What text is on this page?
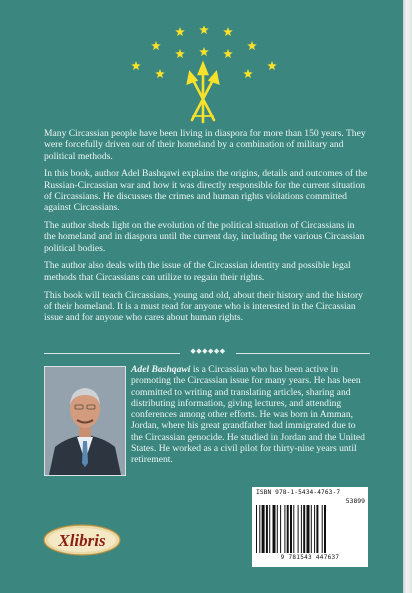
Many Circassian people have been living in diaspora for more than 150 years. They were forcefully driven out of their homeland by a combination of military and political methods.

In this book, author Adel Bashqawi explains the origins, details and outcomes of the Russian-Circassian war and how it was directly responsible for the current situation of Circassians. He discusses the crimes and human rights violations committed against Circassians.

The author sheds light on the evolution of the political situation of Circassians in the homeland and in diaspora until the current day, including the various Circassian political bodies.

The author also deals with the issue of the Circassian identity and possible legal methods that Circassians can utilize to regain their rights.

This book will teach Circassians, young and old, about their history and the history of their homeland. It is a must read for anyone who is interested in the Circassian issue and for anyone who cares about human rights.

◆◆◆◆◆◆

Adel Bashqawi is a Circassian who has been active in promoting the Circassian issue for many years. He has been committed to writing and translating articles, sharing and distributing information, giving lectures, and attending conferences among other efforts. He was born in Amman, Jordan, where his great grandfather had immigrated due to the Circassian genocide. He studied in Jordan and the United States. He worked as a civil pilot for thirty-nine years until retirement.

Xlibris
ISBN 978-1-5434-4763-7
53899
9 781543 447637
